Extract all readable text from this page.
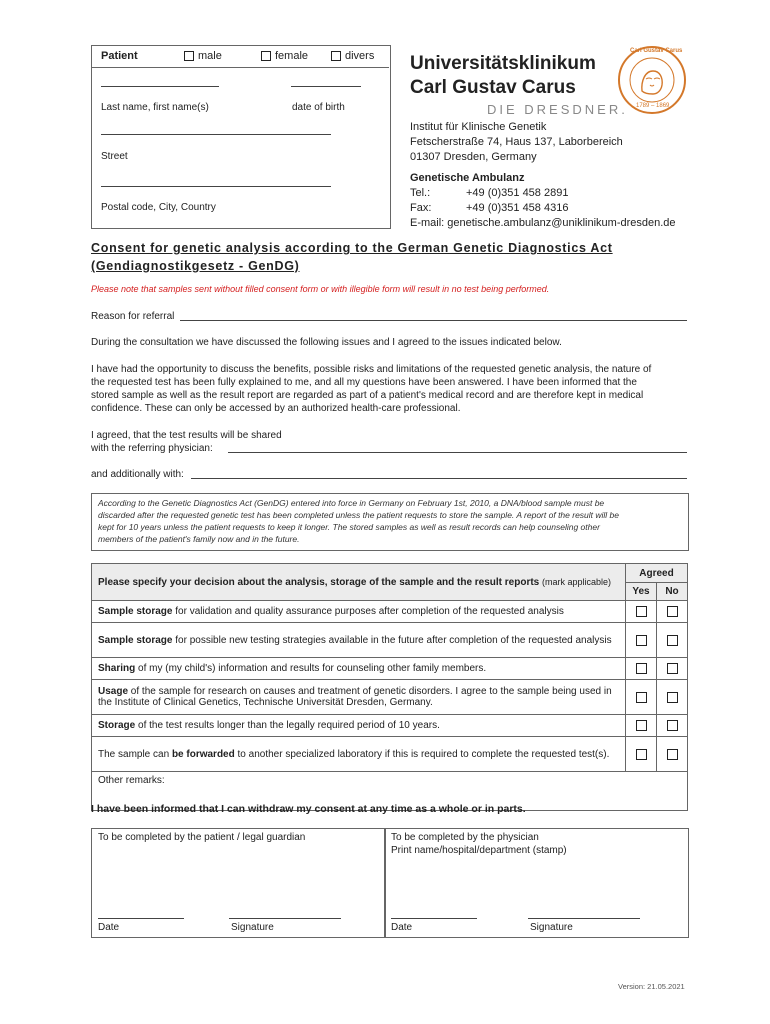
Patient	male	female	divers
Last name, first name(s)	date of birth
Street
Postal code, City, Country
Universitätsklinikum
Carl Gustav Carus
DIE DRESDNER.
Carl Gustav Carus
1789 – 1869
Institut für Klinische Genetik
Fetscherstraße 74, Haus 137, Laborbereich
01307 Dresden, Germany
Genetische Ambulanz
Tel.:	+49 (0)351 458 2891
Fax:	+49 (0)351 458 4316
E-mail: genetische.ambulanz@uniklinikum-dresden.de
Consent for genetic analysis according to the German Genetic Diagnostics Act
(Gendiagnostikgesetz - GenDG)
Please note that samples sent without filled consent form or with illegible form will result in no test being performed.
Reason for referral
During the consultation we have discussed the following issues and I agreed to the issues indicated below.
I have had the opportunity to discuss the benefits, possible risks and limitations of the requested genetic analysis, the nature of
the requested test has been fully explained to me, and all my questions have been answered. I have been informed that the
stored sample as well as the result report are regarded as part of a patient's medical record and are therefore kept in medical
confidence. These can only be accessed by an authorized health-care professional.
I agreed, that the test results will be shared
with the referring physician:
and additionally with:
According to the Genetic Diagnostics Act (GenDG) entered into force in Germany on February 1st, 2010, a DNA/blood sample must be
discarded after the requested genetic test has been completed unless the patient requests to store the sample. A report of the result will be
kept for 10 years unless the patient requests to keep it longer. The stored samples as well as result records can help counseling other
members of the patient's family now and in the future.
Please specify your decision about the analysis, storage of the sample and the result reports (mark applicable)	Agreed	
	Yes	No
Sample storage for validation and quality assurance purposes after completion of the requested analysis	

Sample storage for possible new testing strategies available in the future after completion of the requested analysis	

Sharing of my (my child's) information and results for counseling other family members.	

Usage of the sample for research on causes and treatment of genetic disorders. I agree to the sample being used in the Institute of Clinical Genetics, Technische Universität Dresden, Germany.	

Storage of the test results longer than the legally required period of 10 years.	

The sample can be forwarded to another specialized laboratory if this is required to complete the requested test(s).	

Other remarks:		
I have been informed that I can withdraw my consent at any time as a whole or in parts.
To be completed by the patient / legal guardian
Date	Signature
To be completed by the physician
Print name/hospital/department (stamp)
Date	Signature
Version: 21.05.2021
